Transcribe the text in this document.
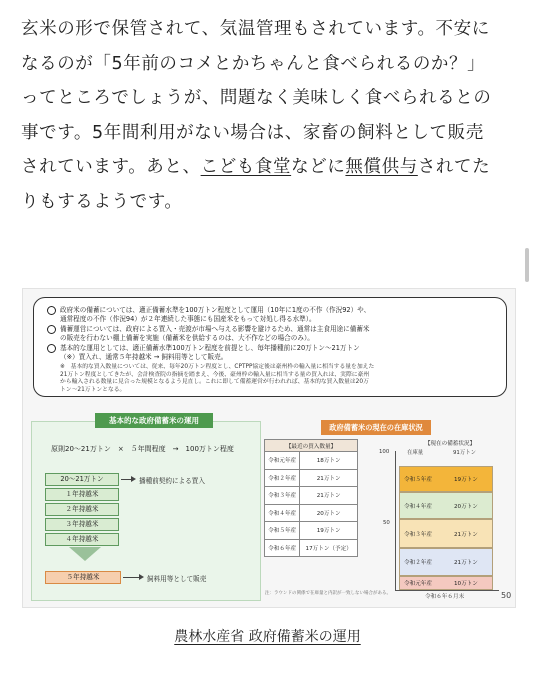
玄米の形で保管されて、気温管理もされています。不安に

なるのが「5年前のコメとかちゃんと食べられるのか？」

ってところでしょうが、問題なく美味しく食べられるとの

事です。5年間利用がない場合は、家畜の飼料として販売

されています。あと、こども食堂などに無償供与されてた

りもするようです。

政府米の備蓄については、適正備蓄水準を100万トン程度として運用（10年に1度の不作（作況92）や、
通常程度の不作（作況94）が２年連続した事態にも国産米をもって対処し得る水準）。
備蓄運営については、政府による買入・売渡が市場へ与える影響を避けるため、通常は主食用途に備蓄米
の販売を行わない棚上備蓄を実施（備蓄米を供給するのは、大不作などの場合のみ）。
基本的な運用としては、適正備蓄水準100万トン程度を前提とし、毎年播種前に20万トン〜21万トン
（※）買入れ、通常５年持越米 → 飼料用等として販売。
※　基本的な買入数量については、従来、毎年20万トン程度とし、CPTPP協定後は豪州枠の輸入量に相当する量を加えた
21万トン程度としてきたが、会計検査院の指摘を踏まえ、今後、豪州枠の輸入量に相当する量の買入れは、実際に豪州
から輸入される数量に見合った規模となるよう見直し。これに即して備蓄運営が行われれば、基本的な買入数量は20万
トン〜21万トンとなる。
基本的な政府備蓄米の運用
原則20〜21万トン　×　５年間程度　→　100万トン程度
20〜21万トン
１年持越米
２年持越米
３年持越米
４年持越米
５年持越米
播種前契約による買入
飼料用等として販売
政府備蓄米の現在の在庫状況
【最近の買入数量】	
令和元年産	18万トン
令和２年産	21万トン
令和３年産	21万トン
令和４年産	20万トン
令和５年産	19万トン
令和６年産	17万トン（予定）
【現在の備蓄状況】
在庫量	91万トン
100
50
令和元年産	10万トン
令和２年産	21万トン
令和３年産	21万トン
令和４年産	20万トン
令和５年産	19万トン
注：ラウンドの関係で在庫量と内訳が一致しない場合がある。
令和６年６月末	50
農林水産省 政府備蓄米の運用
